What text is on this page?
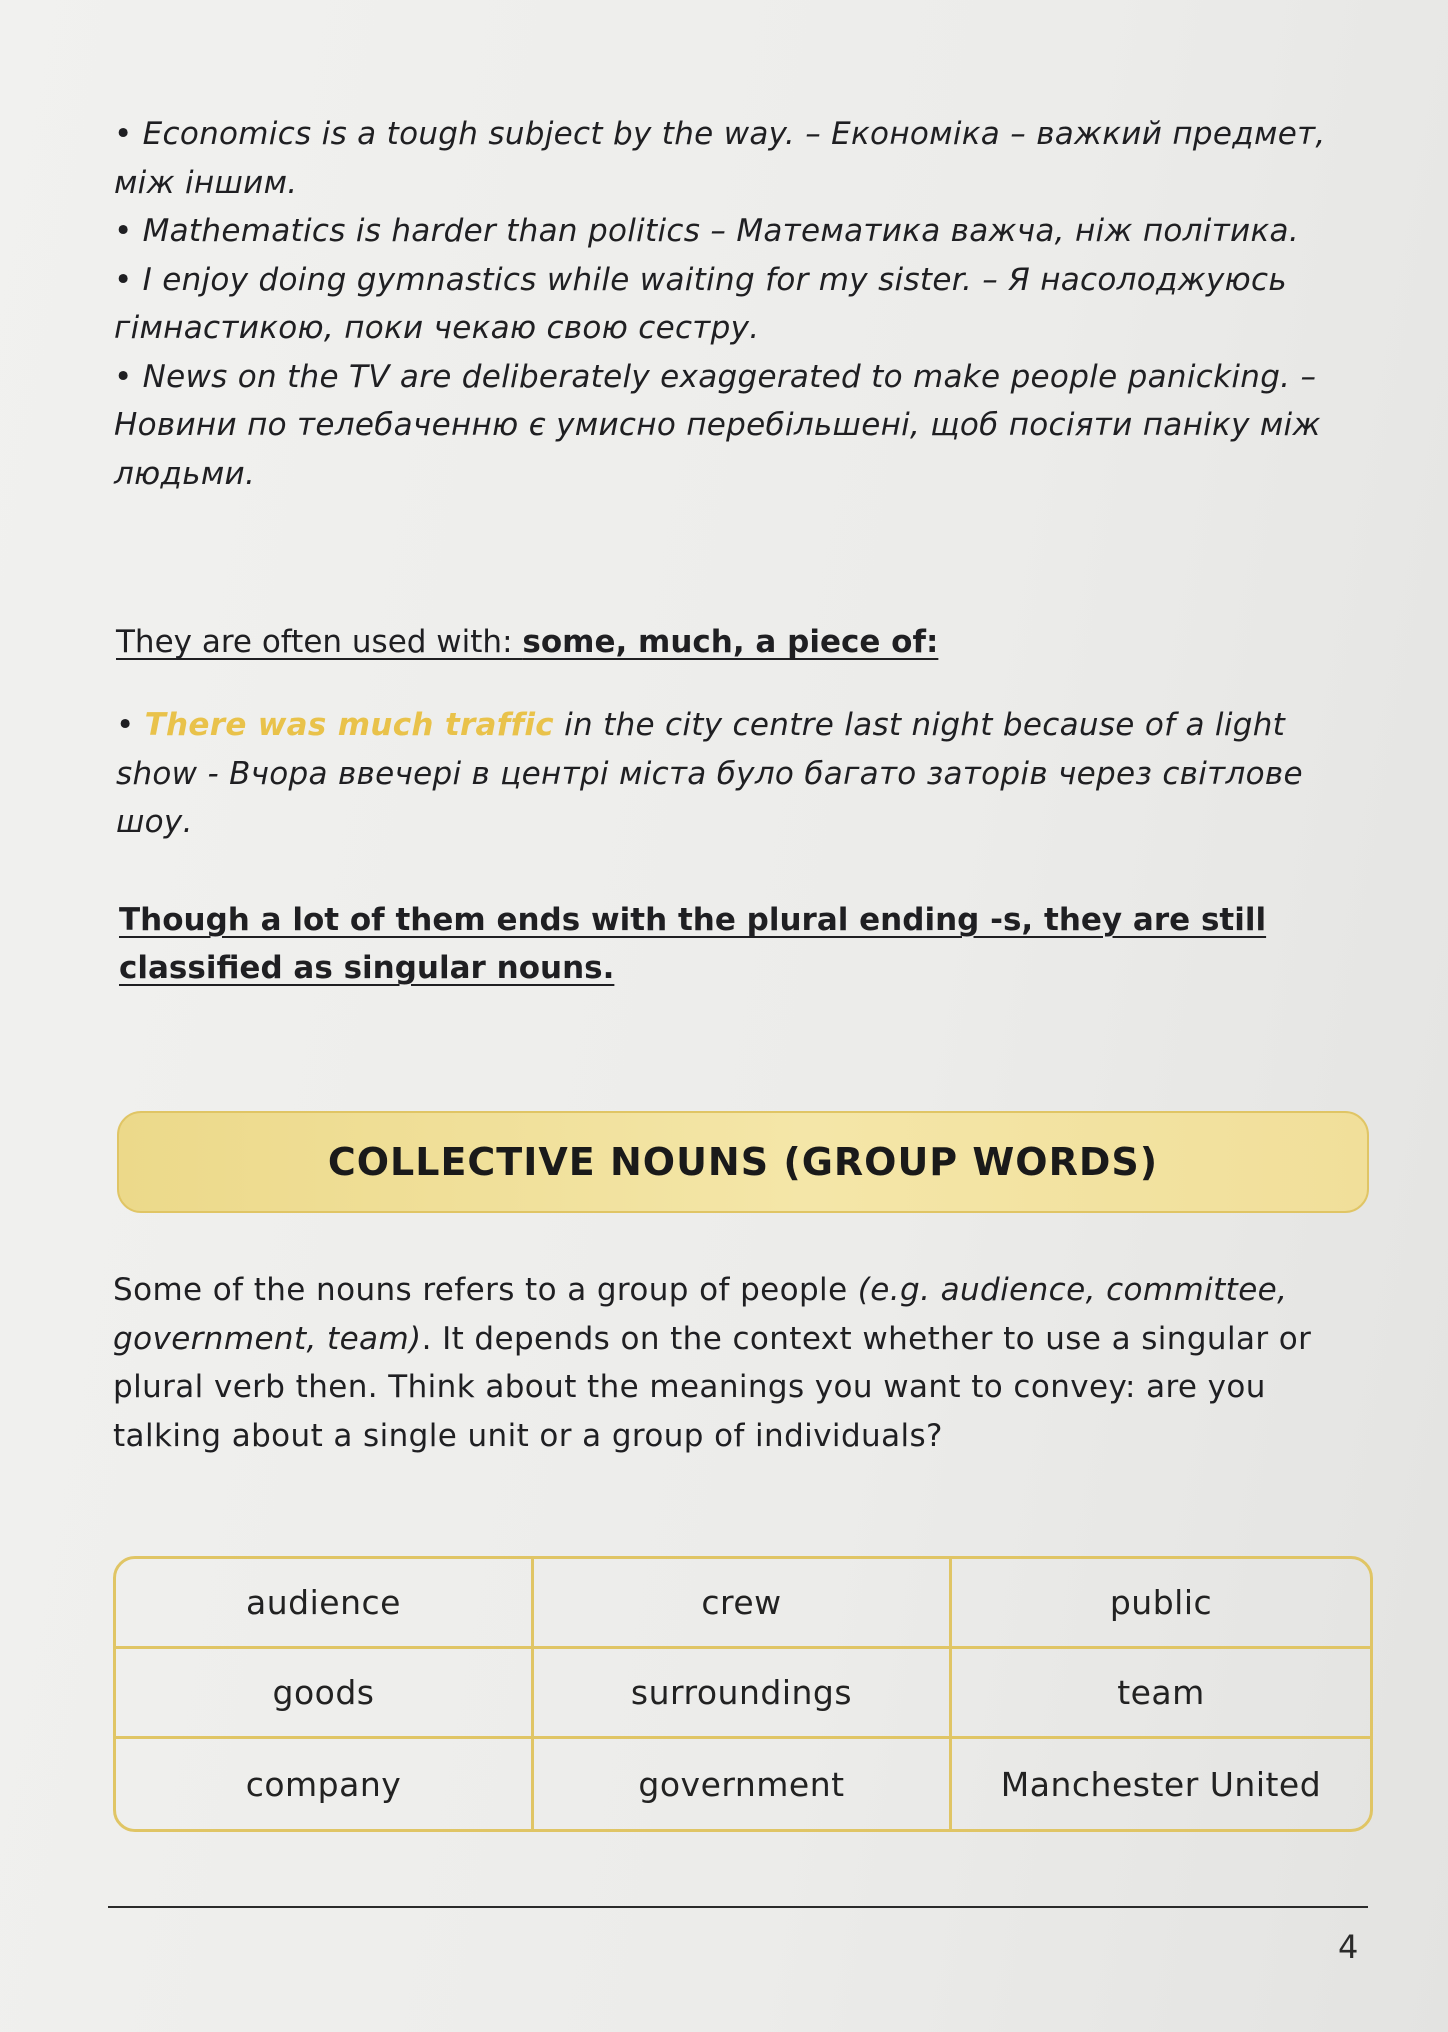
• Economics is a tough subject by the way. – Економіка – важкий предмет, між іншим.

• Mathematics is harder than politics – Математика важча, ніж політика.

• I enjoy doing gymnastics while waiting for my sister. – Я насолоджуюсь гімнастикою, поки чекаю свою сестру.

• News on the TV are deliberately exaggerated to make people panicking. – Новини по телебаченню є умисно перебільшені, щоб посіяти паніку між людьми.

They are often used with: some, much, a piece of:

• There was much traffic in the city centre last night because of a light show - Вчора ввечері в центрі міста було багато заторів через світлове шоу.

Though a lot of them ends with the plural ending -s, they are still classified as singular nouns.
COLLECTIVE NOUNS (GROUP WORDS)

Some of the nouns refers to a group of people (e.g. audience, committee, government, team). It depends on the context whether to use a singular or plural verb then. Think about the meanings you want to convey: are you talking about a single unit or a group of individuals?

audience	crew	public
goods	surroundings	team
company	government	Manchester United
4
